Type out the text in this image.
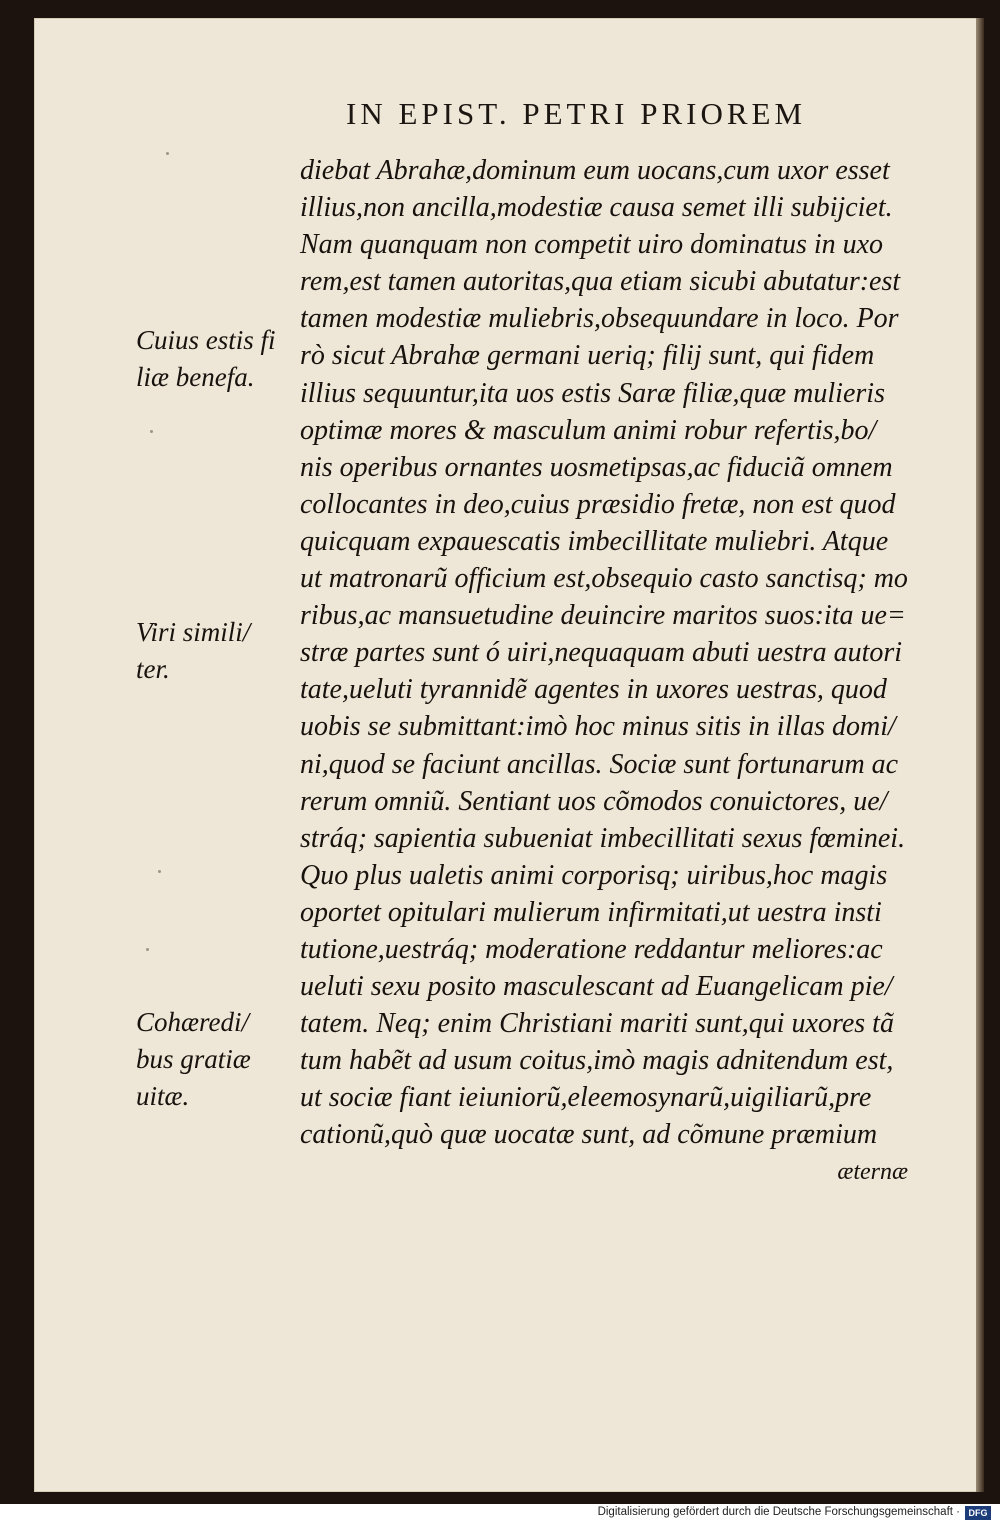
IN EPIST. PETRI PRIOREM
diebat Abrahæ,dominum eum uocans,cum uxor esset
illius,non ancilla,modestiæ causa semet illi subijciet.
Nam quanquam non competit uiro dominatus in uxo
rem,est tamen autoritas,qua etiam sicubi abutatur:est
tamen modestiæ muliebris,obsequundare in loco. Por
rò sicut Abrahæ germani ueriq; filij sunt, qui fidem
illius sequuntur,ita uos estis Saræ filiæ,quæ mulieris
optimæ mores & masculum animi robur refertis,bo/
nis operibus ornantes uosmetipsas,ac fiduciã omnem
collocantes in deo,cuius præsidio fretæ, non est quod
quicquam expauescatis imbecillitate muliebri. Atque
ut matronarũ officium est,obsequio casto sanctisq; mo
ribus,ac mansuetudine deuincire maritos suos:ita ue=
stræ partes sunt ó uiri,nequaquam abuti uestra autori
tate,ueluti tyrannidẽ agentes in uxores uestras, quod
uobis se submittant:imò hoc minus sitis in illas domi/
ni,quod se faciunt ancillas. Sociæ sunt fortunarum ac
rerum omniũ. Sentiant uos cõmodos conuictores, ue/
stráq; sapientia subueniat imbecillitati sexus fœminei.
Quo plus ualetis animi corporisq; uiribus,hoc magis
oportet opitulari mulierum infirmitati,ut uestra insti
tutione,uestráq; moderatione reddantur meliores:ac
ueluti sexu posito masculescant ad Euangelicam pie/
tatem. Neq; enim Christiani mariti sunt,qui uxores tã
tum habẽt ad usum coitus,imò magis adnitendum est,
ut sociæ fiant ieiuniorũ,eleemosynarũ,uigiliarũ,pre
cationũ,quò quæ uocatæ sunt, ad cõmune præmium
æternæ
Cuius estis fi
liæ benefa.
Viri simili/
ter.
Cohæredi/
bus gratiæ
uitæ.
Digitalisierung gefördert durch die Deutsche Forschungsgemeinschaft · DFG
